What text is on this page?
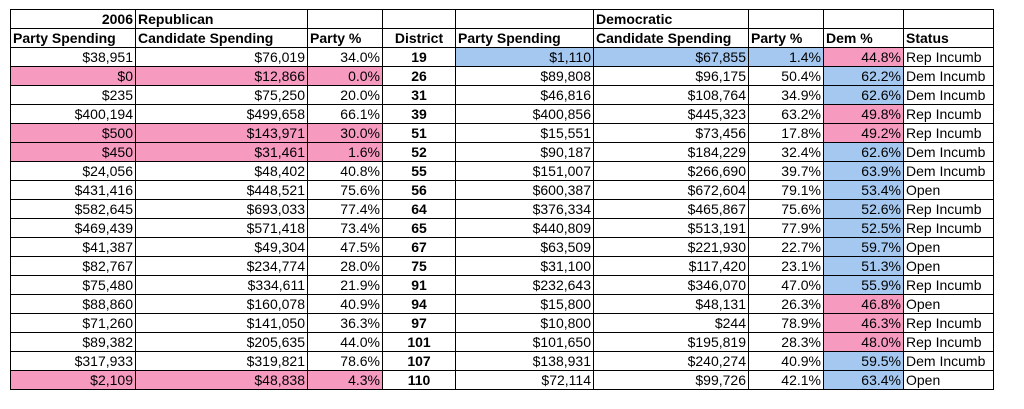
2006	Republican				Democratic			
Party Spending	Candidate Spending	Party %	District	Party Spending	Candidate Spending	Party %	Dem %	Status
$38,951	$76,019	34.0%	19	$1,110	$67,855	1.4%	44.8%	Rep Incumb
$0	$12,866	0.0%	26	$89,808	$96,175	50.4%	62.2%	Dem Incumb
$235	$75,250	20.0%	31	$46,816	$108,764	34.9%	62.6%	Dem Incumb
$400,194	$499,658	66.1%	39	$400,856	$445,323	63.2%	49.8%	Rep Incumb
$500	$143,971	30.0%	51	$15,551	$73,456	17.8%	49.2%	Rep Incumb
$450	$31,461	1.6%	52	$90,187	$184,229	32.4%	62.6%	Dem Incumb
$24,056	$48,402	40.8%	55	$151,007	$266,690	39.7%	63.9%	Dem Incumb
$431,416	$448,521	75.6%	56	$600,387	$672,604	79.1%	53.4%	Open
$582,645	$693,033	77.4%	64	$376,334	$465,867	75.6%	52.6%	Rep Incumb
$469,439	$571,418	73.4%	65	$440,809	$513,191	77.9%	52.5%	Rep Incumb
$41,387	$49,304	47.5%	67	$63,509	$221,930	22.7%	59.7%	Open
$82,767	$234,774	28.0%	75	$31,100	$117,420	23.1%	51.3%	Open
$75,480	$334,611	21.9%	91	$232,643	$346,070	47.0%	55.9%	Rep Incumb
$88,860	$160,078	40.9%	94	$15,800	$48,131	26.3%	46.8%	Open
$71,260	$141,050	36.3%	97	$10,800	$244	78.9%	46.3%	Rep Incumb
$89,382	$205,635	44.0%	101	$101,650	$195,819	28.3%	48.0%	Rep Incumb
$317,933	$319,821	78.6%	107	$138,931	$240,274	40.9%	59.5%	Dem Incumb
$2,109	$48,838	4.3%	110	$72,114	$99,726	42.1%	63.4%	Open
